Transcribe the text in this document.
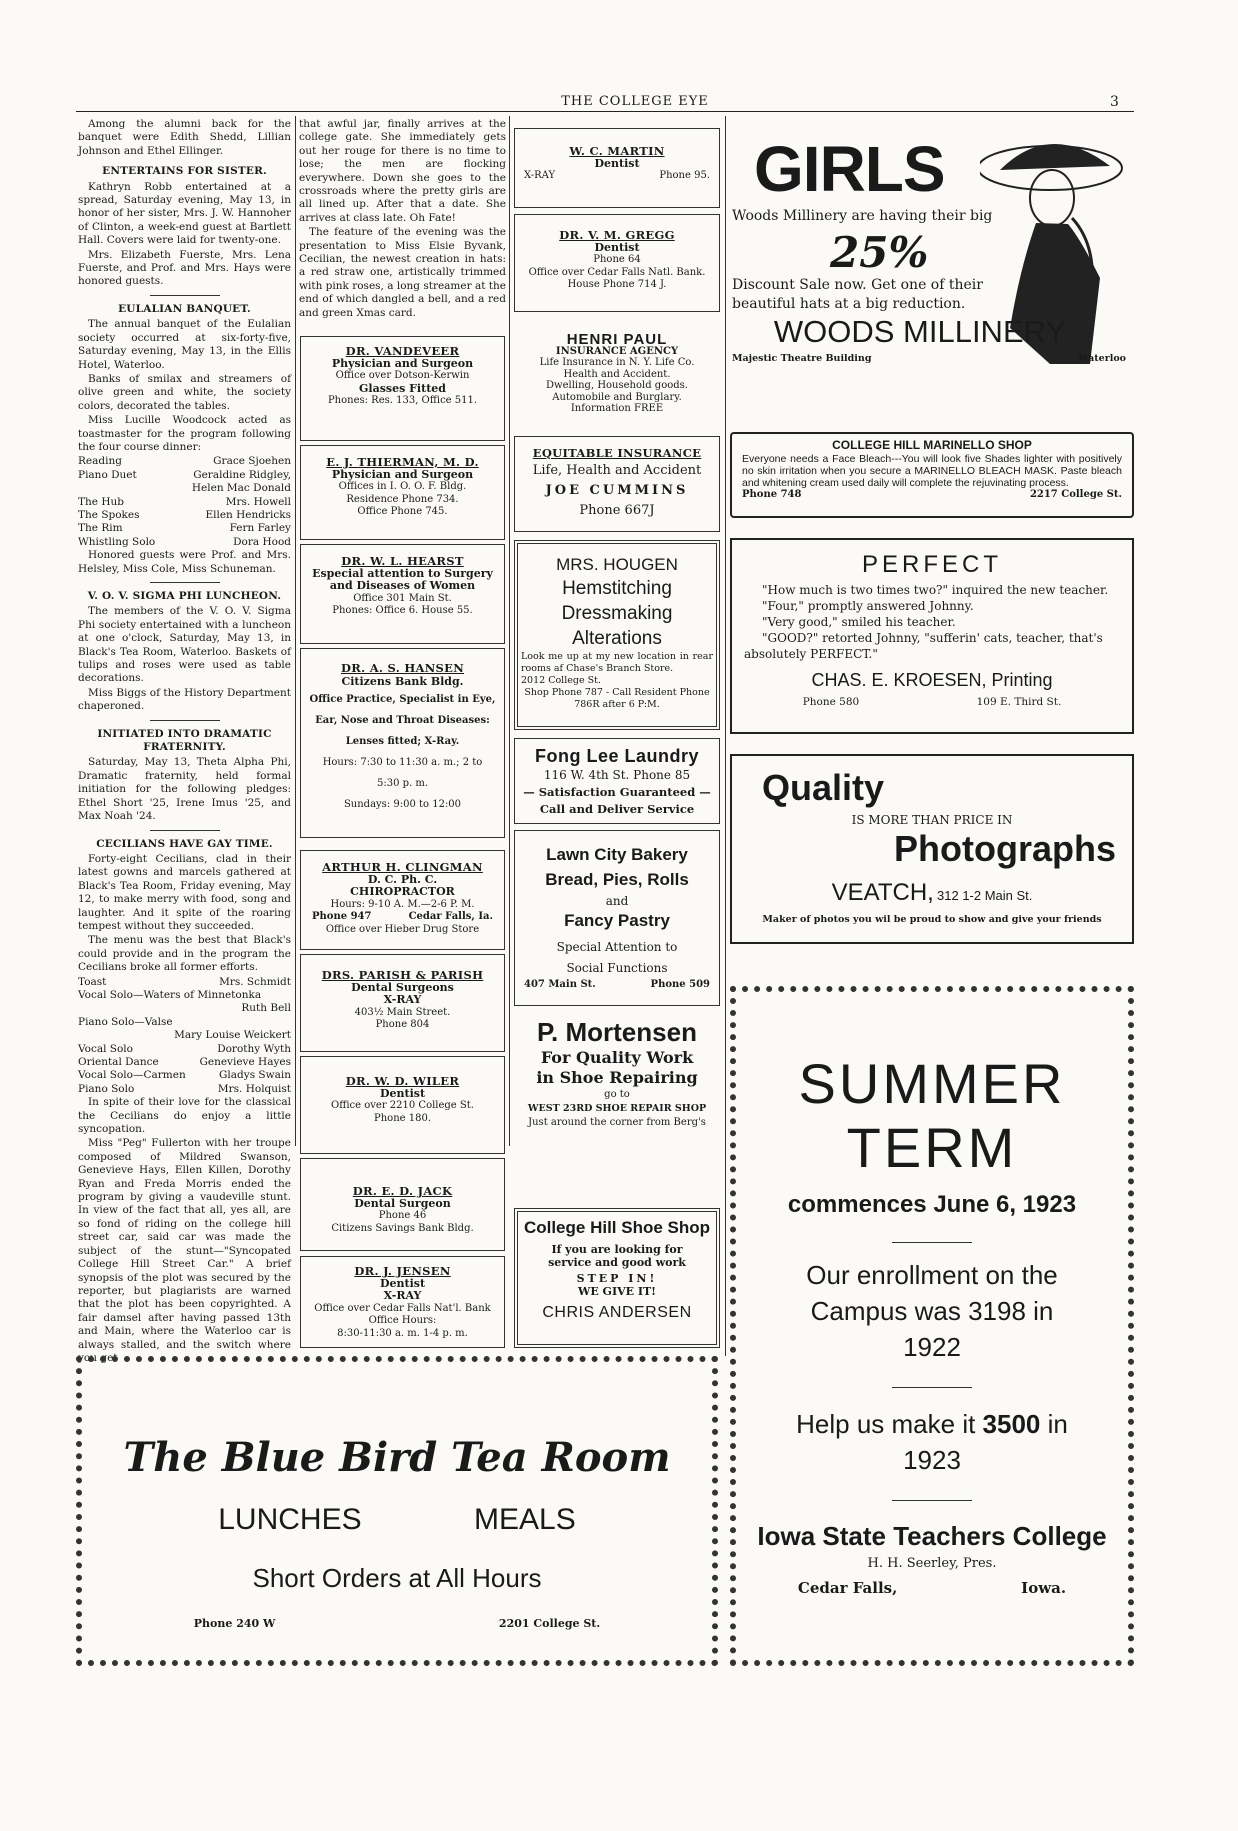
THE COLLEGE EYE	3

Among the alumni back for the banquet were Edith Shedd, Lillian Johnson and Ethel Ellinger.

ENTERTAINS FOR SISTER.

Kathryn Robb entertained at a spread, Saturday evening, May 13, in honor of her sister, Mrs. J. W. Hannoher of Clinton, a week-end guest at Bartlett Hall. Covers were laid for twenty-one.

Mrs. Elizabeth Fuerste, Mrs. Lena Fuerste, and Prof. and Mrs. Hays were honored guests.

EULALIAN BANQUET.

The annual banquet of the Eulalian society occurred at six-forty-five, Saturday evening, May 13, in the Ellis Hotel, Waterloo.

Banks of smilax and streamers of olive green and white, the society colors, decorated the tables.

Miss Lucille Woodcock acted as toastmaster for the program following the four course dinner:

Reading	Grace Sjoehen
Piano Duet	Geraldine Ridgley,
Helen Mac Donald
The Hub	Mrs. Howell
The Spokes	Ellen Hendricks
The Rim	Fern Farley
Whistling Solo	Dora Hood

Honored guests were Prof. and Mrs. Helsley, Miss Cole, Miss Schuneman.

V. O. V. SIGMA PHI LUNCHEON.

The members of the V. O. V. Sigma Phi society entertained with a luncheon at one o'clock, Saturday, May 13, in Black's Tea Room, Waterloo. Baskets of tulips and roses were used as table decorations.

Miss Biggs of the History Department chaperoned.

INITIATED INTO DRAMATIC FRATERNITY.

Saturday, May 13, Theta Alpha Phi, Dramatic fraternity, held formal initiation for the following pledges: Ethel Short '25, Irene Imus '25, and Max Noah '24.

CECILIANS HAVE GAY TIME.

Forty-eight Cecilians, clad in their latest gowns and marcels gathered at Black's Tea Room, Friday evening, May 12, to make merry with food, song and laughter. And it spite of the roaring tempest without they succeeded.

The menu was the best that Black's could provide and in the program the Cecilians broke all former efforts.

Toast	Mrs. Schmidt
Vocal Solo—Waters of Minnetonka
Ruth Bell
Piano Solo—Valse
Mary Louise Weickert
Vocal Solo	Dorothy Wyth
Oriental Dance	Genevieve Hayes
Vocal Solo—Carmen	Gladys Swain
Piano Solo	Mrs. Holquist

In spite of their love for the classical the Cecilians do enjoy a little syncopation.

Miss "Peg" Fullerton with her troupe composed of Mildred Swanson, Genevieve Hays, Ellen Killen, Dorothy Ryan and Freda Morris ended the program by giving a vaudeville stunt. In view of the fact that all, yes all, are so fond of riding on the college hill street car, said car was made the subject of the stunt—"Syncopated College Hill Street Car." A brief synopsis of the plot was secured by the reporter, but plagiarists are warned that the plot has been copyrighted. A fair damsel after having passed 13th and Main, where the Waterloo car is always stalled, and the switch where you get

that awful jar, finally arrives at the college gate. She immediately gets out her rouge for there is no time to lose; the men are flocking everywhere. Down she goes to the crossroads where the pretty girls are all lined up. After that a date. She arrives at class late. Oh Fate!

The feature of the evening was the presentation to Miss Elsie Byvank, Cecilian, the newest creation in hats: a red straw one, artistically trimmed with pink roses, a long streamer at the end of which dangled a bell, and a red and green Xmas card.

DR. VANDEVEER
Physician and Surgeon
Office over Dotson-Kerwin
Glasses Fitted
Phones: Res. 133, Office 511.
E. J. THIERMAN, M. D.
Physician and Surgeon
Offices in I. O. O. F. Bldg.
Residence Phone 734.
Office Phone 745.
DR. W. L. HEARST
Especial attention to Surgery and Diseases of Women
Office 301 Main St.
Phones: Office 6. House 55.
DR. A. S. HANSEN
Citizens Bank Bldg.
Office Practice, Specialist in Eye,
Ear, Nose and Throat Diseases:
Lenses fitted; X-Ray.
Hours: 7:30 to 11:30 a. m.; 2 to
5:30 p. m.
Sundays: 9:00 to 12:00
ARTHUR H. CLINGMAN
D. C. Ph. C.
CHIROPRACTOR
Hours: 9-10 A. M.—2-6 P. M.
Phone 947	Cedar Falls, Ia.
Office over Hieber Drug Store
DRS. PARISH & PARISH
Dental Surgeons
X-RAY
403½ Main Street.
Phone 804
DR. W. D. WILER
Dentist
Office over 2210 College St.
Phone 180.
DR. E. D. JACK
Dental Surgeon
Phone 46
Citizens Savings Bank Bldg.
DR. J. JENSEN
Dentist
X-RAY
Office over Cedar Falls Nat'l. Bank
Office Hours:
8:30-11:30 a. m. 1-4 p. m.
W. C. MARTIN
Dentist
X-RAY	Phone 95.
DR. V. M. GREGG
Dentist
Phone 64
Office over Cedar Falls Natl. Bank.
House Phone 714 J.
HENRI PAUL
INSURANCE AGENCY
Life Insurance in N. Y. Life Co.
Health and Accident.
Dwelling, Household goods.
Automobile and Burglary.
Information FREE
EQUITABLE INSURANCE
Life, Health and Accident
JOE CUMMINS
Phone 667J
MRS. HOUGEN
Hemstitching
Dressmaking
Alterations
Look me up at my new location in rear rooms af Chase's Branch Store.
2012 College St.
Shop Phone 787 - Call Resident Phone 786R after 6 P:M.
Fong Lee Laundry
116 W. 4th St. Phone 85
— Satisfaction Guaranteed —
Call and Deliver Service
Lawn City Bakery
Bread, Pies, Rolls
and
Fancy Pastry
Special Attention to
Social Functions
407 Main St.	Phone 509
P. Mortensen
For Quality Work
in Shoe Repairing
go to
WEST 23RD SHOE REPAIR SHOP
Just around the corner from Berg's
College Hill Shoe Shop
If you are looking for
service and good work
STEP IN!
WE GIVE IT!
CHRIS ANDERSEN
GIRLS
Woods Millinery are having their big
25%
Discount Sale now. Get one of their
beautiful hats at a big reduction.
WOODS MILLINERY
Majestic Theatre Building	Waterloo
COLLEGE HILL MARINELLO SHOP
Everyone needs a Face Bleach---You will look five Shades lighter with positively no skin irritation when you secure a MARINELLO BLEACH MASK. Paste bleach and whitening cream used daily will complete the rejuvinating process.
Phone 748	2217 College St.
PERFECT
"How much is two times two?" inquired the new teacher.
"Four," promptly answered Johnny.
"Very good," smiled his teacher.
"GOOD?" retorted Johnny, "sufferin' cats, teacher, that's absolutely PERFECT."
CHAS. E. KROESEN, Printing
Phone 580	109 E. Third St.
Quality
IS MORE THAN PRICE IN
Photographs
VEATCH, 312 1-2 Main St.
Maker of photos you wil be proud to show and give your friends
SUMMER
TERM
commences June 6, 1923
Our enrollment on the
Campus was 3198 in
1922
Help us make it 3500 in
1923
Iowa State Teachers College
H. H. Seerley, Pres.
Cedar Falls,	Iowa.
The Blue Bird Tea Room
LUNCHES	MEALS
Short Orders at All Hours
Phone 240 W	2201 College St.
